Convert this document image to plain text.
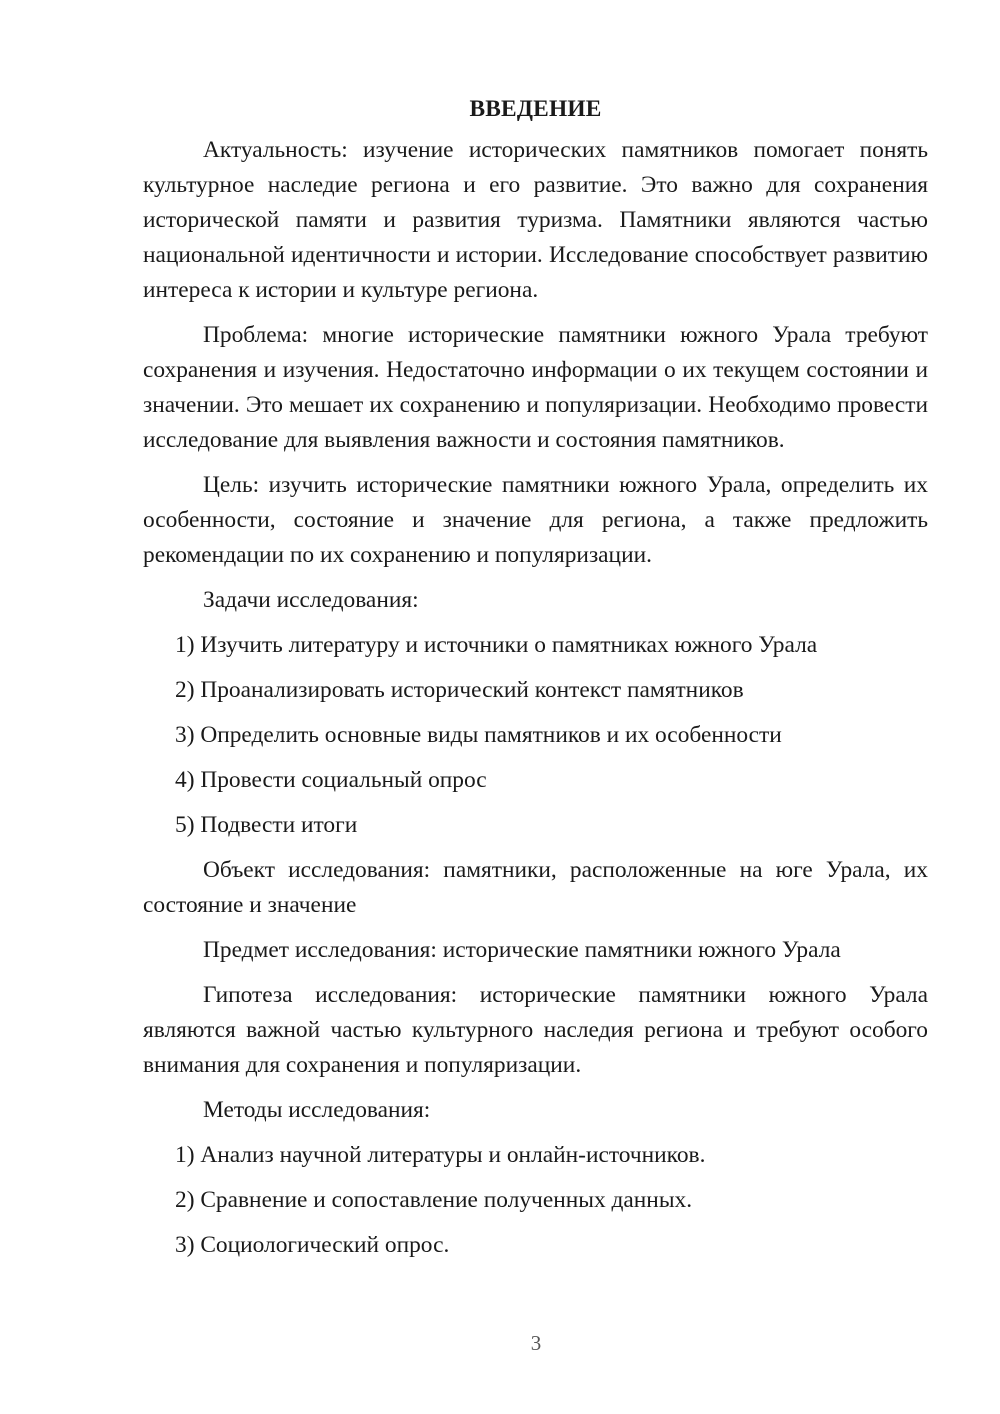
ВВЕДЕНИЕ

Актуальность: изучение исторических памятников помогает понять культурное наследие региона и его развитие. Это важно для сохранения исторической памяти и развития туризма. Памятники являются частью национальной идентичности и истории. Исследование способствует развитию интереса к истории и культуре региона.

Проблема: многие исторические памятники южного Урала требуют сохранения и изучения. Недостаточно информации о их текущем состоянии и значении. Это мешает их сохранению и популяризации. Необходимо провести исследование для выявления важности и состояния памятников.

Цель: изучить исторические памятники южного Урала, определить их особенности, состояние и значение для региона, а также предложить рекомендации по их сохранению и популяризации.

Задачи исследования:

1) Изучить литературу и источники о памятниках южного Урала

2) Проанализировать исторический контекст памятников

3) Определить основные виды памятников и их особенности

4) Провести социальный опрос

5) Подвести итоги

Объект исследования: памятники, расположенные на юге Урала, их состояние и значение

Предмет исследования: исторические памятники южного Урала

Гипотеза исследования: исторические памятники южного Урала являются важной частью культурного наследия региона и требуют особого внимания для сохранения и популяризации.

Методы исследования:

1) Анализ научной литературы и онлайн-источников.

2) Сравнение и сопоставление полученных данных.

3) Социологический опрос.

3
